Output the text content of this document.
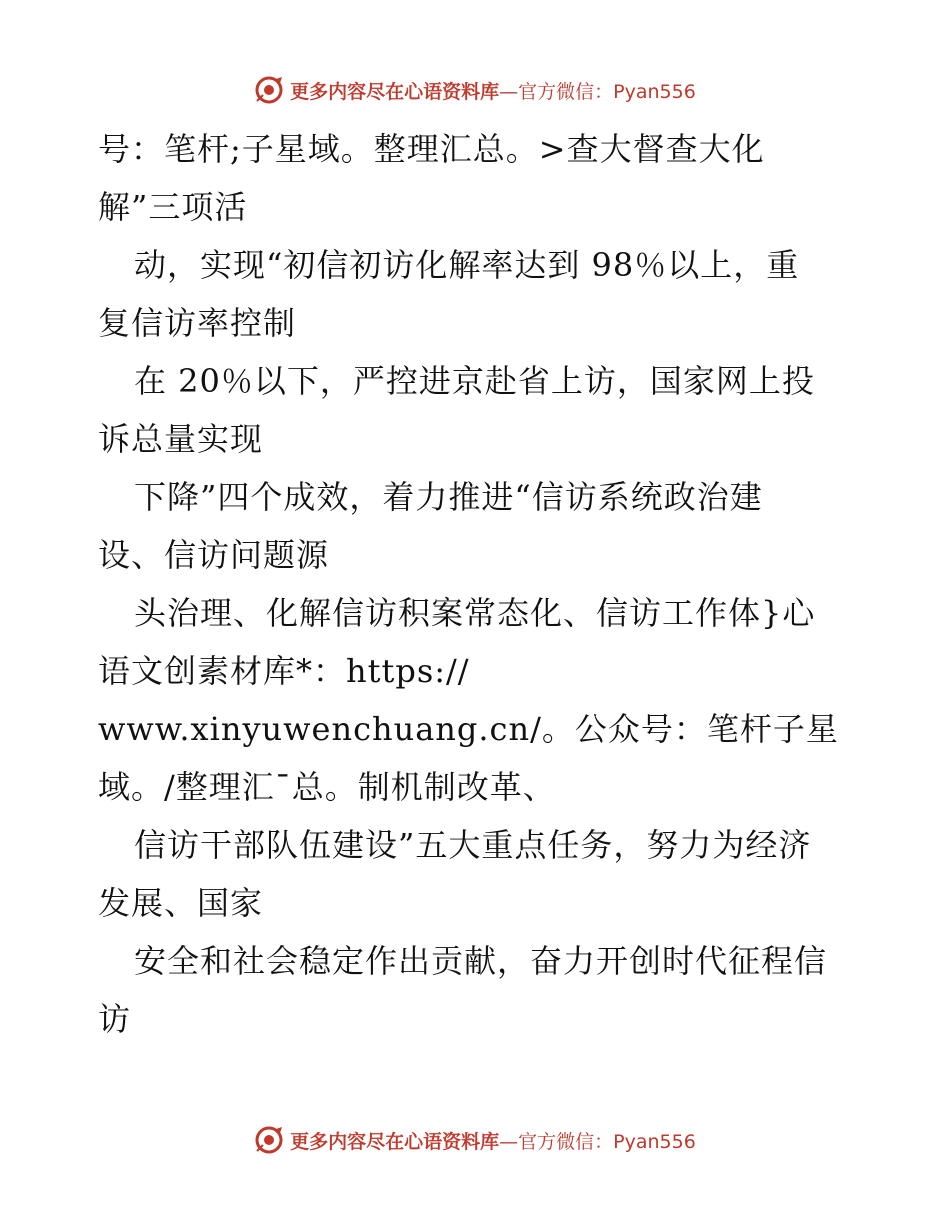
更多内容尽在心语资料库—官方微信：Pyan556
号：笔杆;子星域。整理汇总。>查大督查大化
解”三项活
动，实现“初信初访化解率达到 98％以上，重
复信访率控制
在 20％以下，严控进京赴省上访，国家网上投
诉总量实现
下降”四个成效，着力推进“信访系统政治建
设、信访问题源
头治理、化解信访积案常态化、信访工作体}心
语文创素材库*：https://
www.xinyuwenchuang.cn/。公众号：笔杆子星
域。/整理汇¯总。制机制改革、
信访干部队伍建设”五大重点任务，努力为经济
发展、国家
安全和社会稳定作出贡献，奋力开创时代征程信
访
更多内容尽在心语资料库—官方微信：Pyan556
